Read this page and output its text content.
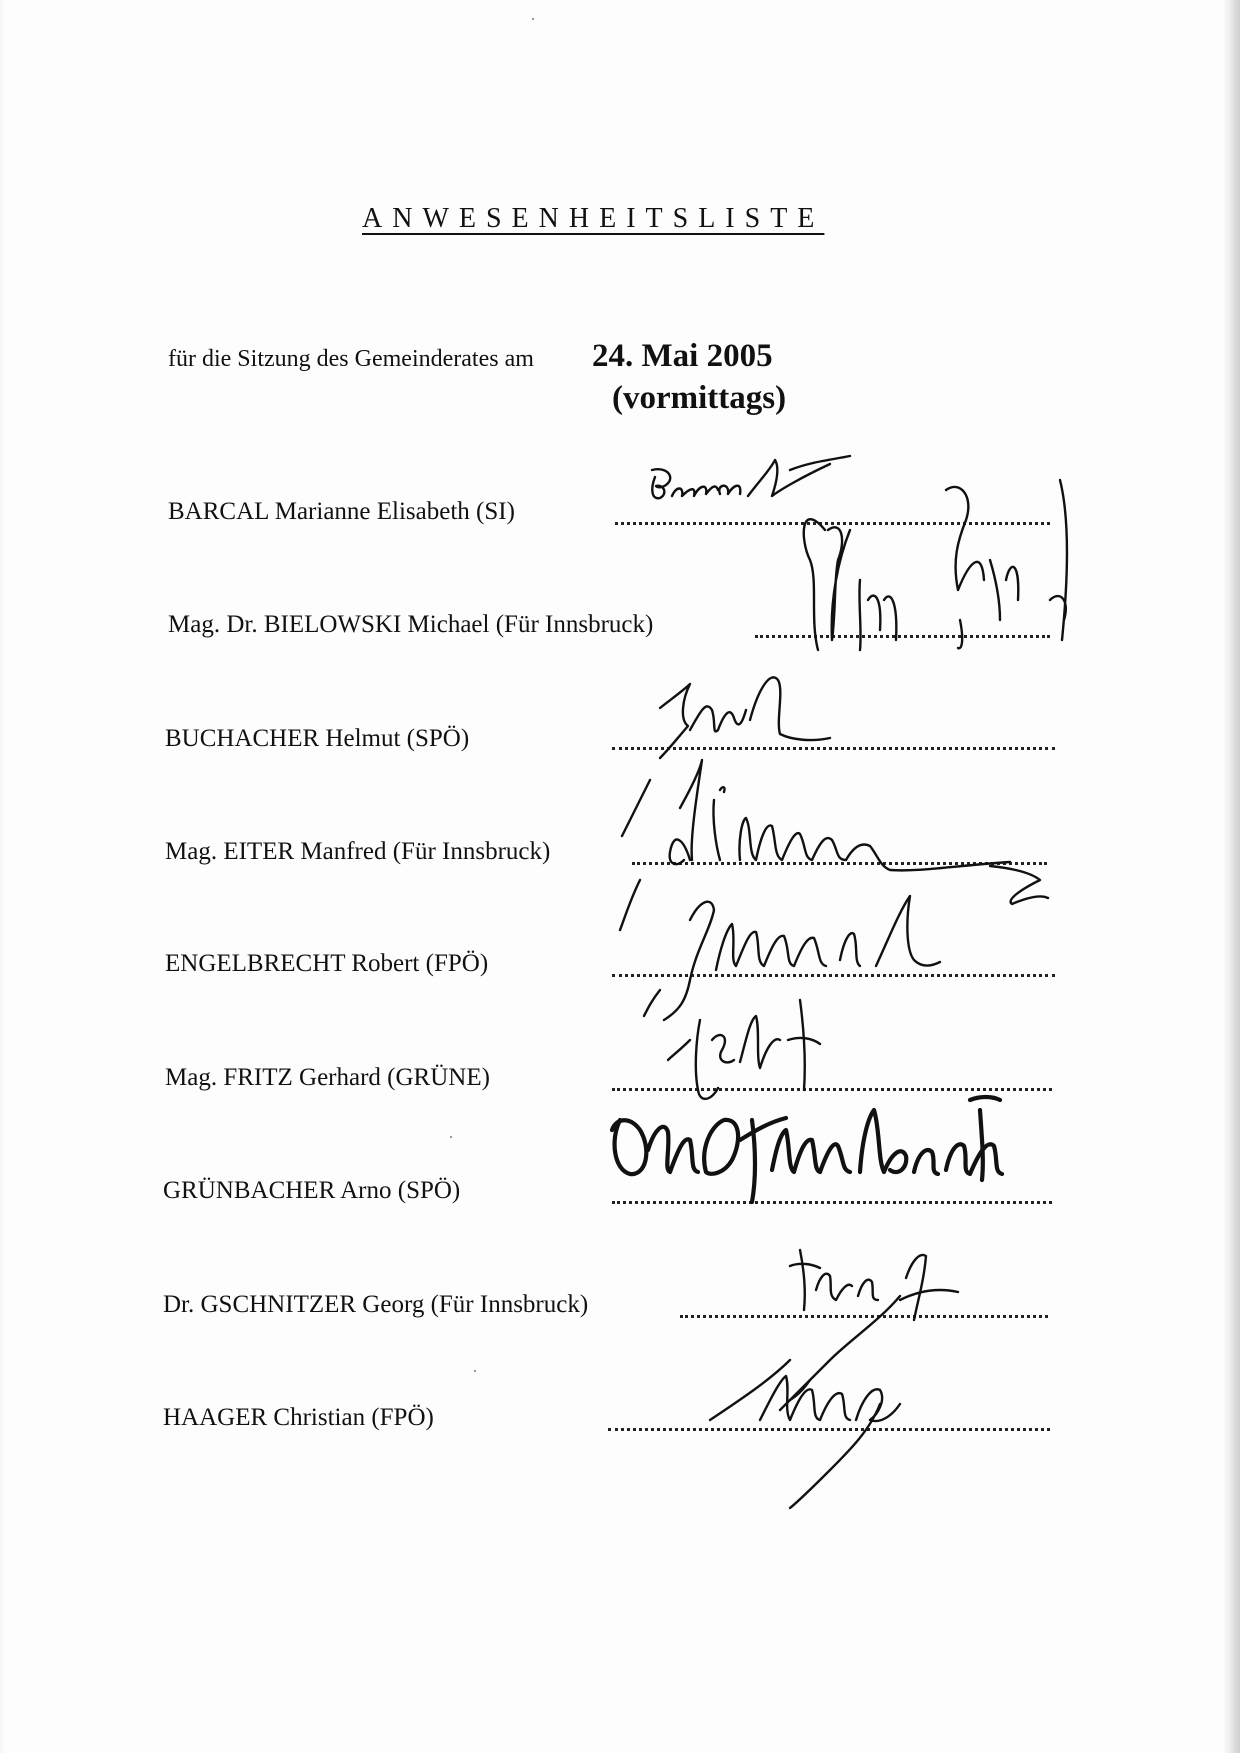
ANWESENHEITSLISTE
für die Sitzung des Gemeinderates am 24. Mai 2005
(vormittags)
BARCAL Marianne Elisabeth (SI)
Mag. Dr. BIELOWSKI Michael (Für Innsbruck)
BUCHACHER Helmut (SPÖ)
Mag. EITER Manfred (Für Innsbruck)
ENGELBRECHT Robert (FPÖ)
Mag. FRITZ Gerhard (GRÜNE)
GRÜNBACHER Arno (SPÖ)
Dr. GSCHNITZER Georg (Für Innsbruck)
HAAGER Christian (FPÖ)
